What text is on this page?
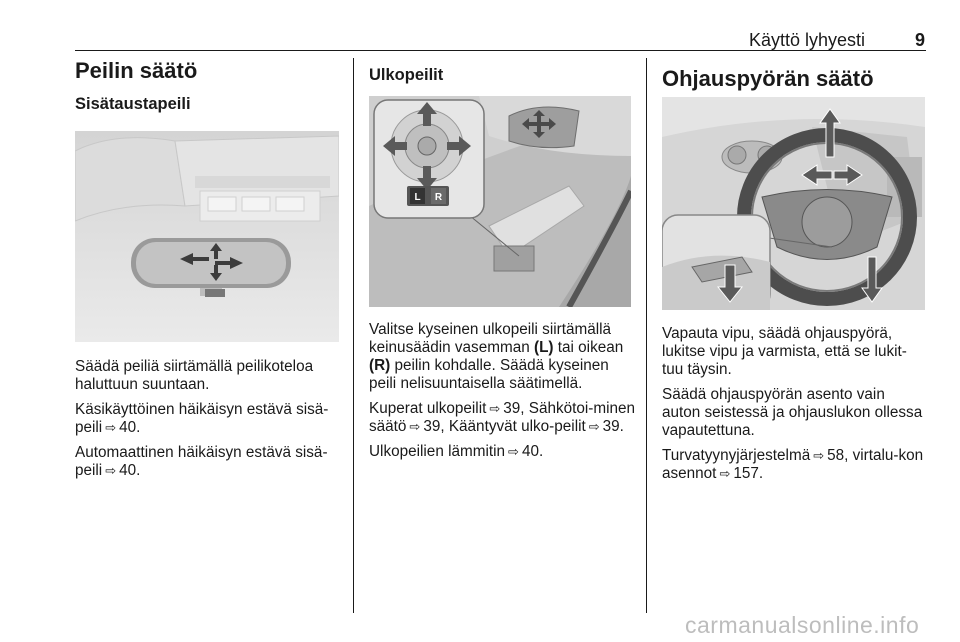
Käyttö lyhyesti	9
Peilin säätö
Sisätaustapeili

Säädä peiliä siirtämällä peilikoteloa haluttuun suuntaan.

Käsikäyttöinen häikäisyn estävä sisä-peili ⇨ 40.

Automaattinen häikäisyn estävä sisä-peili ⇨ 40.

Ulkopeilit
L R

Valitse kyseinen ulkopeili siirtämällä keinusäädin vasemman (L) tai oikean (R) peilin kohdalle. Säädä kyseinen peili nelisuuntaisella säätimellä.

Kuperat ulkopeilit ⇨ 39, Sähkötoi-minen säätö ⇨ 39, Kääntyvät ulko-peilit ⇨ 39.

Ulkopeilien lämmitin ⇨ 40.

Ohjauspyörän säätö

Vapauta vipu, säädä ohjauspyörä, lukitse vipu ja varmista, että se lukit-tuu täysin.

Säädä ohjauspyörän asento vain auton seistessä ja ohjauslukon ollessa vapautettuna.

Turvatyynyjärjestelmä ⇨ 58, virtalu-kon asennot ⇨ 157.

carmanualsonline.info
